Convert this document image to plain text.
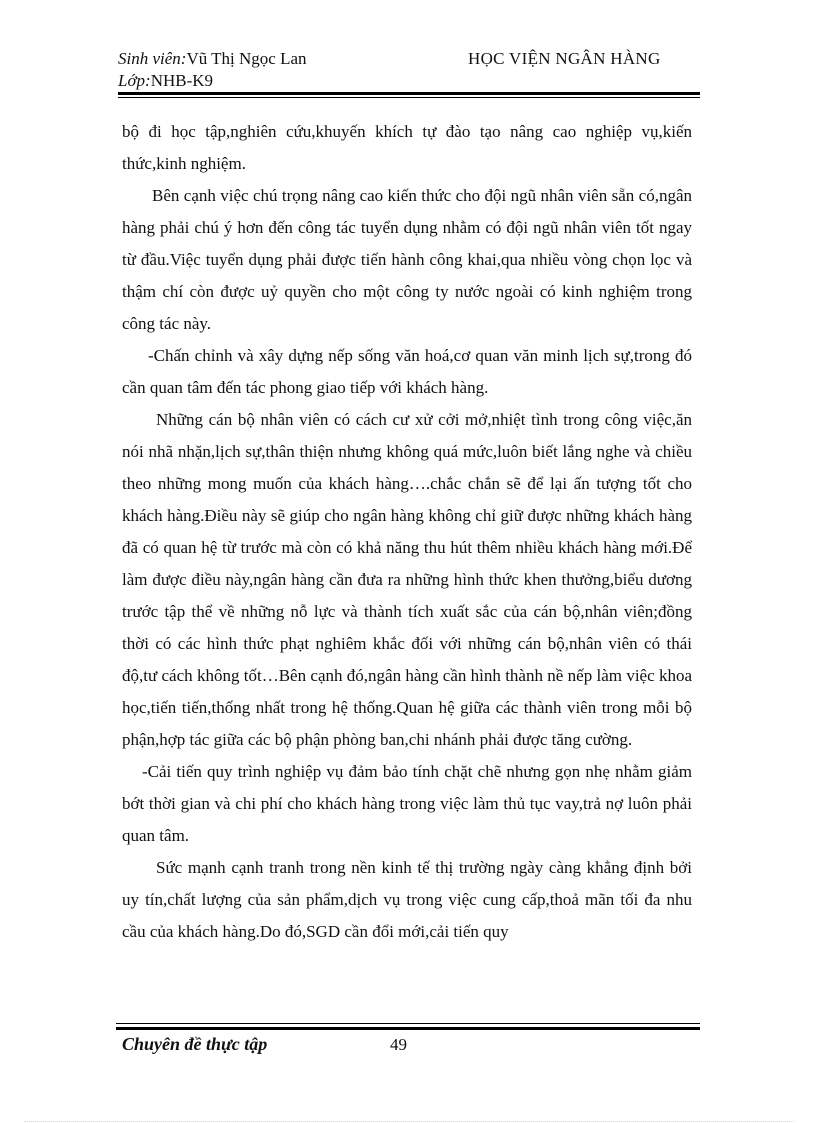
Sinh viên:Vũ Thị Ngọc Lan
Lớp:NHB-K9
HỌC VIỆN NGÂN HÀNG

bộ đi học tập,nghiên cứu,khuyến khích tự đào tạo nâng cao nghiệp vụ,kiến thức,kinh nghiệm.

Bên cạnh việc chú trọng nâng cao kiến thức cho đội ngũ nhân viên sẵn có,ngân hàng phải chú ý hơn đến công tác tuyển dụng nhằm có đội ngũ nhân viên tốt ngay từ đầu.Việc tuyển dụng phải được tiến hành công khai,qua nhiều vòng chọn lọc và thậm chí còn được uỷ quyền cho một công ty nước ngoài có kinh nghiệm trong công tác này.

-Chấn chỉnh và xây dựng nếp sống văn hoá,cơ quan văn minh lịch sự,trong đó cần quan tâm đến tác phong giao tiếp với khách hàng.

Những cán bộ nhân viên có cách cư xử cởi mở,nhiệt tình trong công việc,ăn nói nhã nhặn,lịch sự,thân thiện nhưng không quá mức,luôn biết lắng nghe và chiều theo những mong muốn của khách hàng….chắc chắn sẽ để lại ấn tượng tốt cho khách hàng.Điều này sẽ giúp cho ngân hàng không chỉ giữ được những khách hàng đã có quan hệ từ trước mà còn có khả năng thu hút thêm nhiều khách hàng mới.Để làm được điều này,ngân hàng cần đưa ra những hình thức khen thưởng,biểu dương trước tập thể về những nỗ lực và thành tích xuất sắc của cán bộ,nhân viên;đồng thời có các hình thức phạt nghiêm khắc đối với những cán bộ,nhân viên có thái độ,tư cách không tốt…Bên cạnh đó,ngân hàng cần hình thành nề nếp làm việc khoa học,tiến tiến,thống nhất trong hệ thống.Quan hệ giữa các thành viên trong mỗi bộ phận,hợp tác giữa các bộ phận phòng ban,chi nhánh phải được tăng cường.

-Cải tiến quy trình nghiệp vụ đảm bảo tính chặt chẽ nhưng gọn nhẹ nhằm giảm bớt thời gian và chi phí cho khách hàng trong việc làm thủ tục vay,trả nợ luôn phải quan tâm.

Sức mạnh cạnh tranh trong nền kinh tế thị trường ngày càng khẳng định bởi uy tín,chất lượng của sản phẩm,dịch vụ trong việc cung cấp,thoả mãn tối đa nhu cầu của khách hàng.Do đó,SGD cần đổi mới,cải tiến quy

Chuyên đề thực tập	49
